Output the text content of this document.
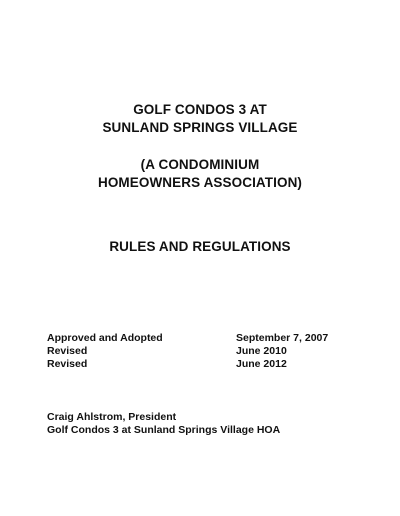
GOLF CONDOS 3 AT
SUNLAND SPRINGS VILLAGE
(A CONDOMINIUM
HOMEOWNERS ASSOCIATION)
RULES AND REGULATIONS
Approved and Adopted	September 7, 2007
Revised	June 2010
Revised	June 2012
Craig Ahlstrom, President
Golf Condos 3 at Sunland Springs Village HOA
